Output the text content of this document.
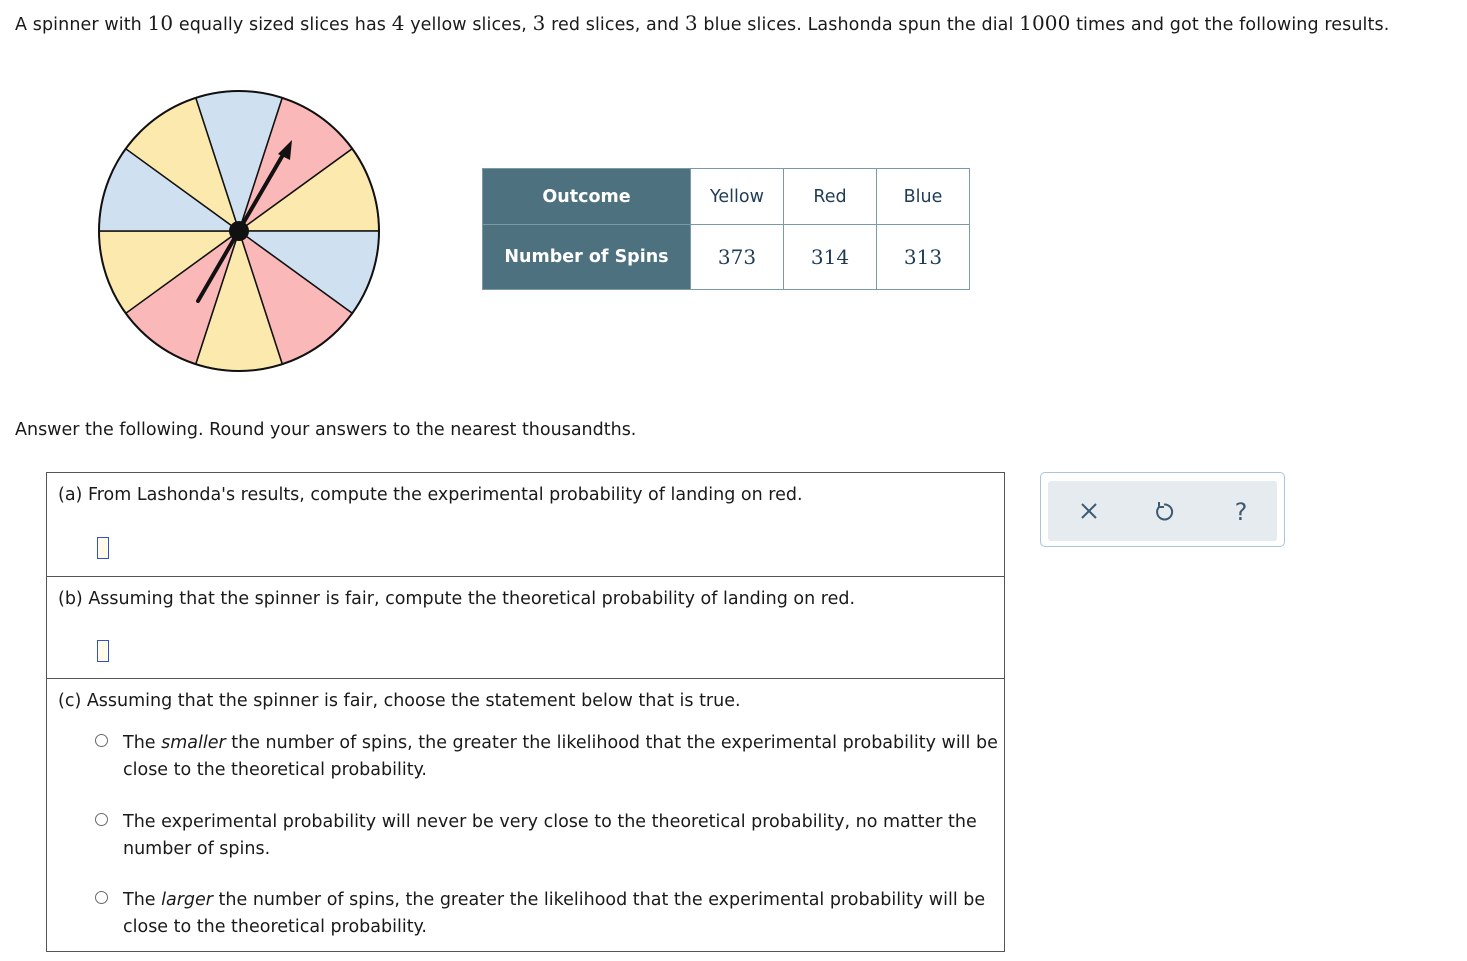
A spinner with 10 equally sized slices has 4 yellow slices, 3 red slices, and 3 blue slices. Lashonda spun the dial 1000 times and got the following results.
Outcome	Yellow	Red	Blue
Number of Spins	373	314	313
Answer the following. Round your answers to the nearest thousandths.
(a) From Lashonda's results, compute the experimental probability of landing on red.
(b) Assuming that the spinner is fair, compute the theoretical probability of landing on red.
(c) Assuming that the spinner is fair, choose the statement below that is true.
The smaller the number of spins, the greater the likelihood that the experimental probability will be close to the theoretical probability.
The experimental probability will never be very close to the theoretical probability, no matter the number of spins.
The larger the number of spins, the greater the likelihood that the experimental probability will be close to the theoretical probability.
?
